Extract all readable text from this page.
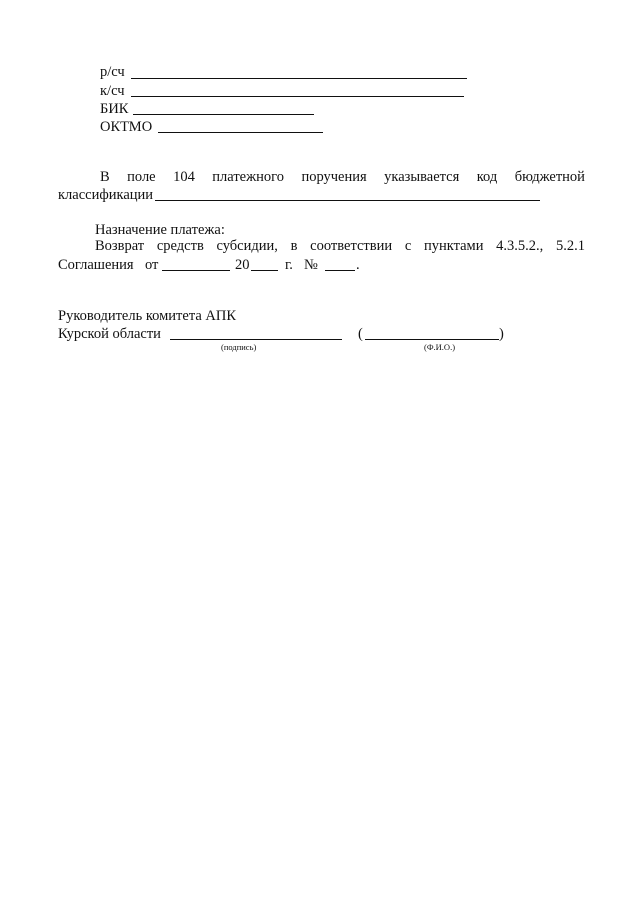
р/сч
к/сч
БИК
ОКТМО
В поле 104 платежного поручения указывается код бюджетной
классификации
Назначение платежа:
Возврат средств субсидии, в соответствии с пунктами 4.3.5.2., 5.2.1
Соглашения от	20 г. №	.
Руководитель комитета АПК
Курской области	(	)
(подпись)	(Ф.И.О.)
